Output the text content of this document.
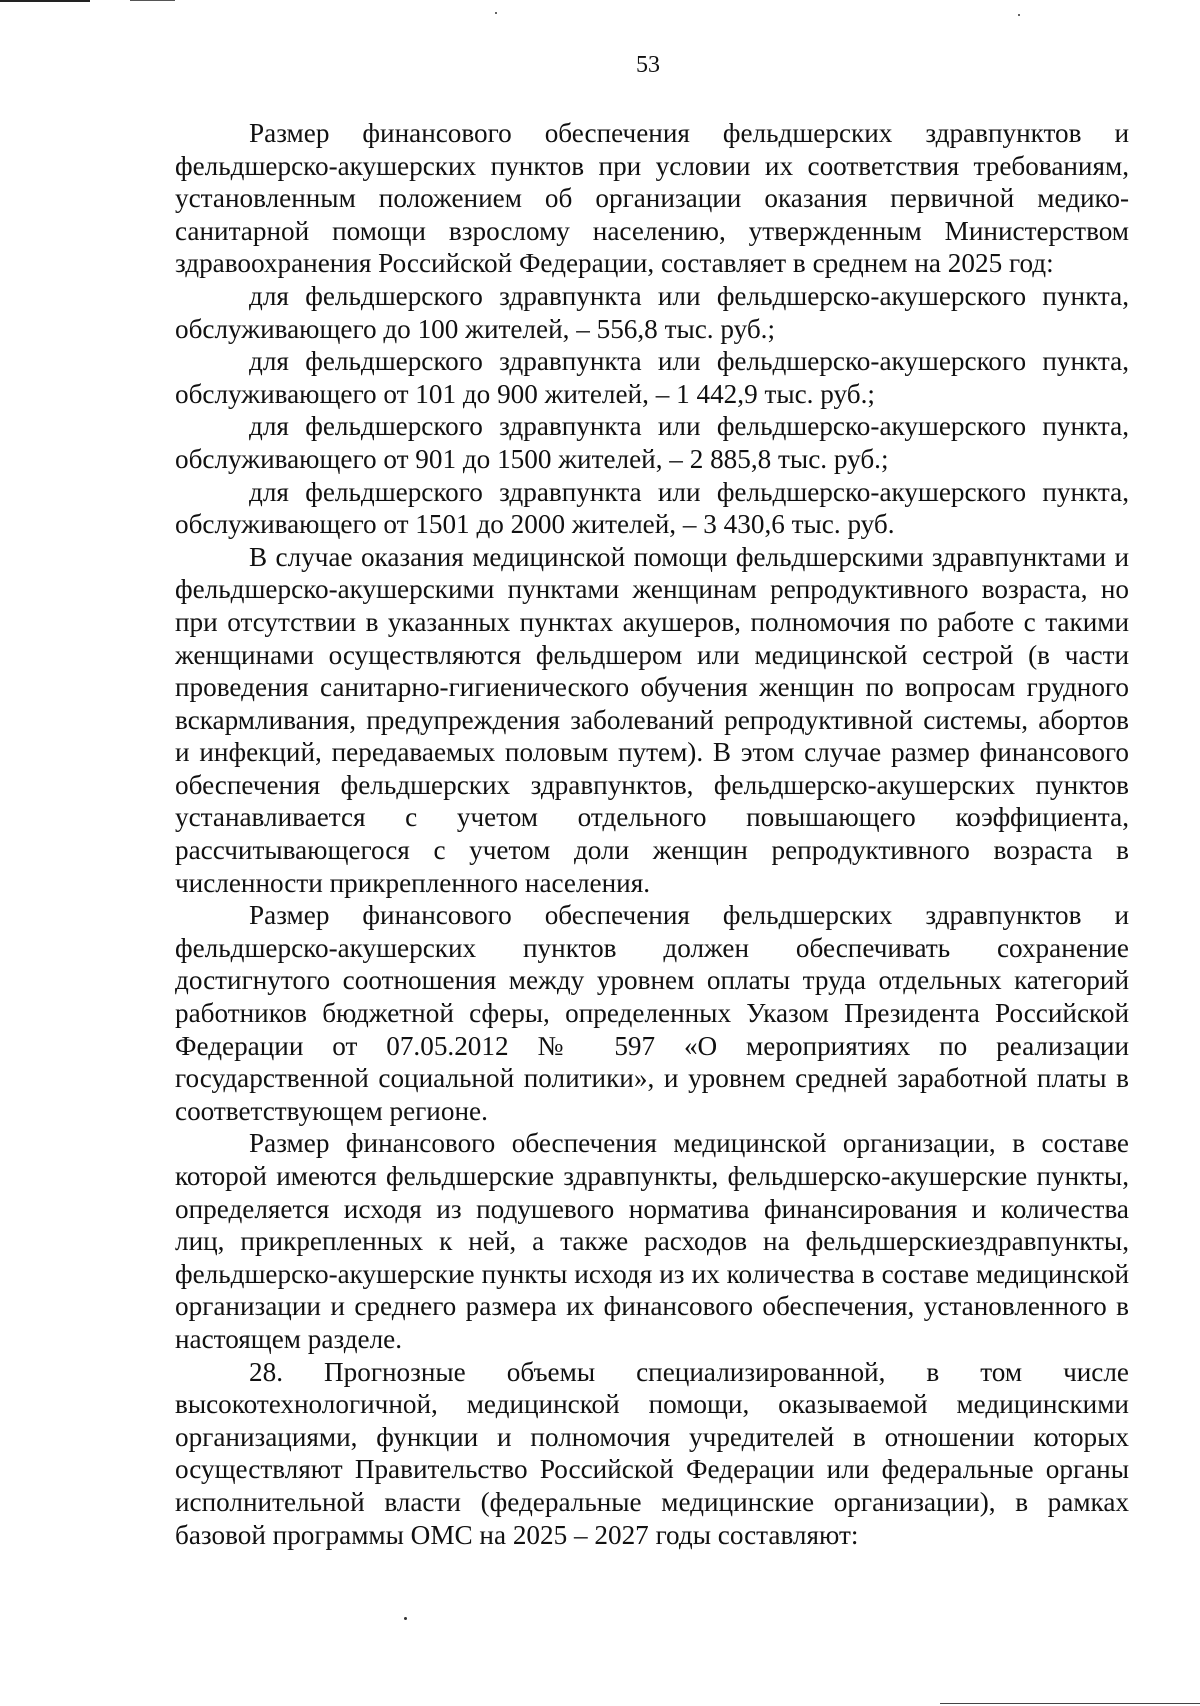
53

Размер финансового обеспечения фельдшерских здравпунктов и фельдшерско-акушерских пунктов при условии их соответствия требованиям, установленным положением об организации оказания первичной медико-санитарной помощи взрослому населению, утвержденным Министерством здравоохранения Российской Федерации, составляет в среднем на 2025 год:

для фельдшерского здравпункта или фельдшерско-акушерского пункта, обслуживающего до 100 жителей, – 556,8 тыс. руб.;

для фельдшерского здравпункта или фельдшерско-акушерского пункта, обслуживающего от 101 до 900 жителей, – 1 442,9 тыс. руб.;

для фельдшерского здравпункта или фельдшерско-акушерского пункта, обслуживающего от 901 до 1500 жителей, – 2 885,8 тыс. руб.;

для фельдшерского здравпункта или фельдшерско-акушерского пункта, обслуживающего от 1501 до 2000 жителей, – 3 430,6 тыс. руб.

В случае оказания медицинской помощи фельдшерскими здравпунктами и фельдшерско-акушерскими пунктами женщинам репродуктивного возраста, но при отсутствии в указанных пунктах акушеров, полномочия по работе с такими женщинами осуществляются фельдшером или медицинской сестрой (в части проведения санитарно-гигиенического обучения женщин по вопросам грудного вскармливания, предупреждения заболеваний репродуктивной системы, абортов и инфекций, передаваемых половым путем). В этом случае размер финансового обеспечения фельдшерских здравпунктов, фельдшерско-акушерских пунктов устанавливается с учетом отдельного повышающего коэффициента, рассчитывающегося с учетом доли женщин репродуктивного возраста в численности прикрепленного населения.

Размер финансового обеспечения фельдшерских здравпунктов и фельдшерско-акушерских пунктов должен обеспечивать сохранение достигнутого соотношения между уровнем оплаты труда отдельных категорий работников бюджетной сферы, определенных Указом Президента Российской Федерации от 07.05.2012 № 597 «О мероприятиях по реализации государственной социальной политики», и уровнем средней заработной платы в соответствующем регионе.

Размер финансового обеспечения медицинской организации, в составе которой имеются фельдшерские здравпункты, фельдшерско-акушерские пункты, определяется исходя из подушевого норматива финансирования и количества лиц, прикрепленных к ней, а также расходов на фельдшерскиездравпункты, фельдшерско-акушерские пункты исходя из их количества в составе медицинской организации и среднего размера их финансового обеспечения, установленного в настоящем разделе.

28. Прогнозные объемы специализированной, в том числе высокотехнологичной, медицинской помощи, оказываемой медицинскими организациями, функции и полномочия учредителей в отношении которых осуществляют Правительство Российской Федерации или федеральные органы исполнительной власти (федеральные медицинские организации), в рамках базовой программы ОМС на 2025 – 2027 годы составляют:
